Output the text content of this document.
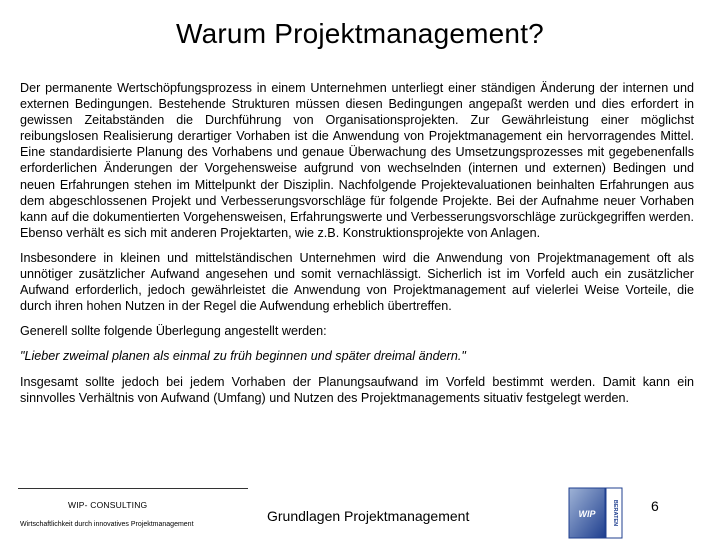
Warum Projektmanagement?

Der permanente Wertschöpfungsprozess in einem Unternehmen unterliegt einer ständigen Änderung der internen und externen Bedingungen. Bestehende Strukturen müssen diesen Bedingungen angepaßt werden und dies erfordert in gewissen Zeitabständen die Durchführung von Organisationsprojekten. Zur Gewährleistung einer möglichst reibungslosen Realisierung derartiger Vorhaben ist die Anwendung von Projektmanagement ein hervorragendes Mittel. Eine standardisierte Planung des Vorhabens und genaue Überwachung des Umsetzungsprozesses mit gegebenenfalls erforderlichen Änderungen der Vorgehensweise aufgrund von wechselnden (internen und externen) Bedingen und neuen Erfahrungen stehen im Mittelpunkt der Disziplin. Nachfolgende Projektevaluationen beinhalten Erfahrungen aus dem abgeschlossenen Projekt und Verbesserungsvorschläge für folgende Projekte. Bei der Aufnahme neuer Vorhaben kann auf die dokumentierten Vorgehensweisen, Erfahrungswerte und Verbesserungsvorschläge zurückgegriffen werden. Ebenso verhält es sich mit anderen Projektarten, wie z.B. Konstruktionsprojekte von Anlagen.

Insbesondere in kleinen und mittelständischen Unternehmen wird die Anwendung von Projektmanagement oft als unnötiger zusätzlicher Aufwand angesehen und somit vernachlässigt. Sicherlich ist im Vorfeld auch ein zusätzlicher Aufwand erforderlich, jedoch gewährleistet die Anwendung von Projektmanagement auf vielerlei Weise Vorteile, die durch ihren hohen Nutzen in der Regel die Aufwendung erheblich übertreffen.

Generell sollte folgende Überlegung angestellt werden:

"Lieber zweimal planen als einmal zu früh beginnen und später dreimal ändern."

Insgesamt sollte jedoch bei jedem Vorhaben der Planungsaufwand im Vorfeld bestimmt werden. Damit kann ein sinnvolles Verhältnis von Aufwand (Umfang) und Nutzen des Projektmanagements situativ festgelegt werden.

WIP- CONSULTING
Wirtschaftlichkeit durch innovatives Projektmanagement
Grundlagen Projektmanagement
6
WIP	BERATEN
